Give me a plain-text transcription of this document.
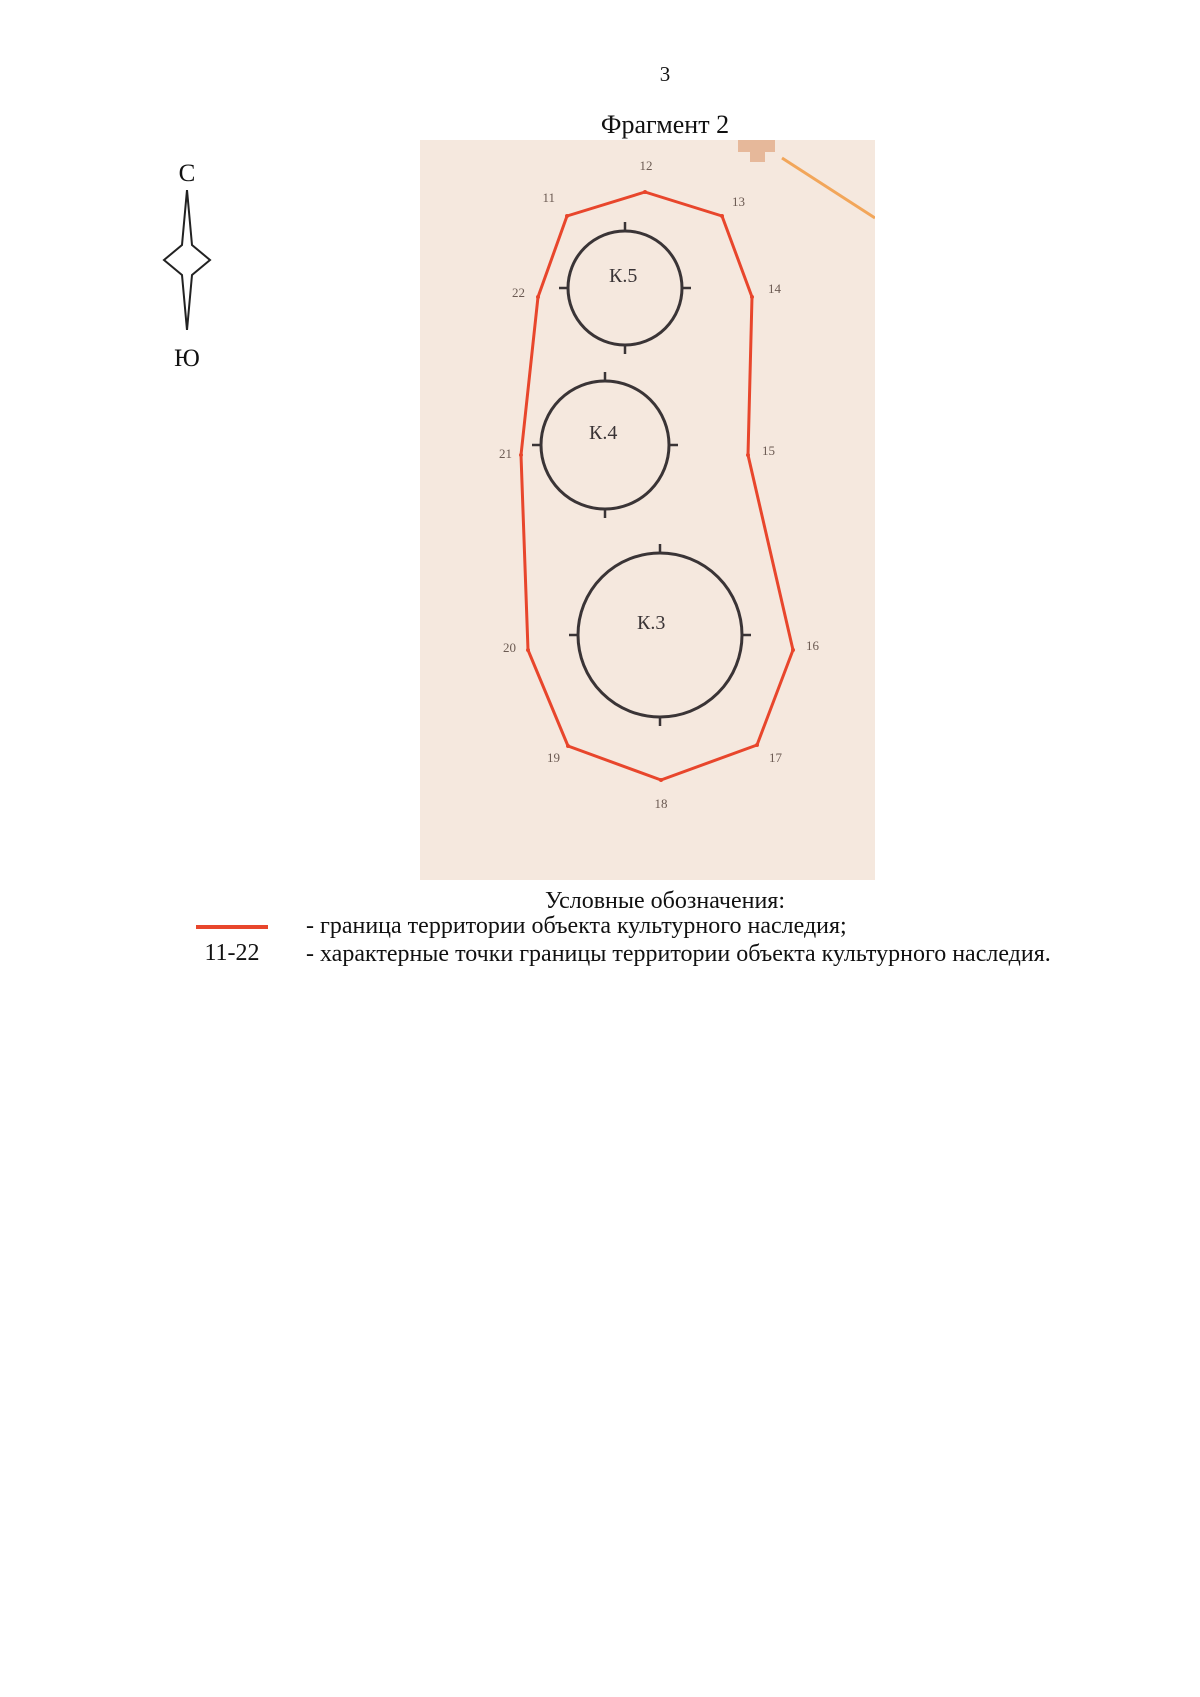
3
Фрагмент 2
С
Ю
К.5
К.4
К.3
11
12
13
14
15
16
17
18
19
20
21
22
Условные обозначения:
11-22
- граница территории объекта культурного наследия;
- характерные точки границы территории объекта культурного наследия.
